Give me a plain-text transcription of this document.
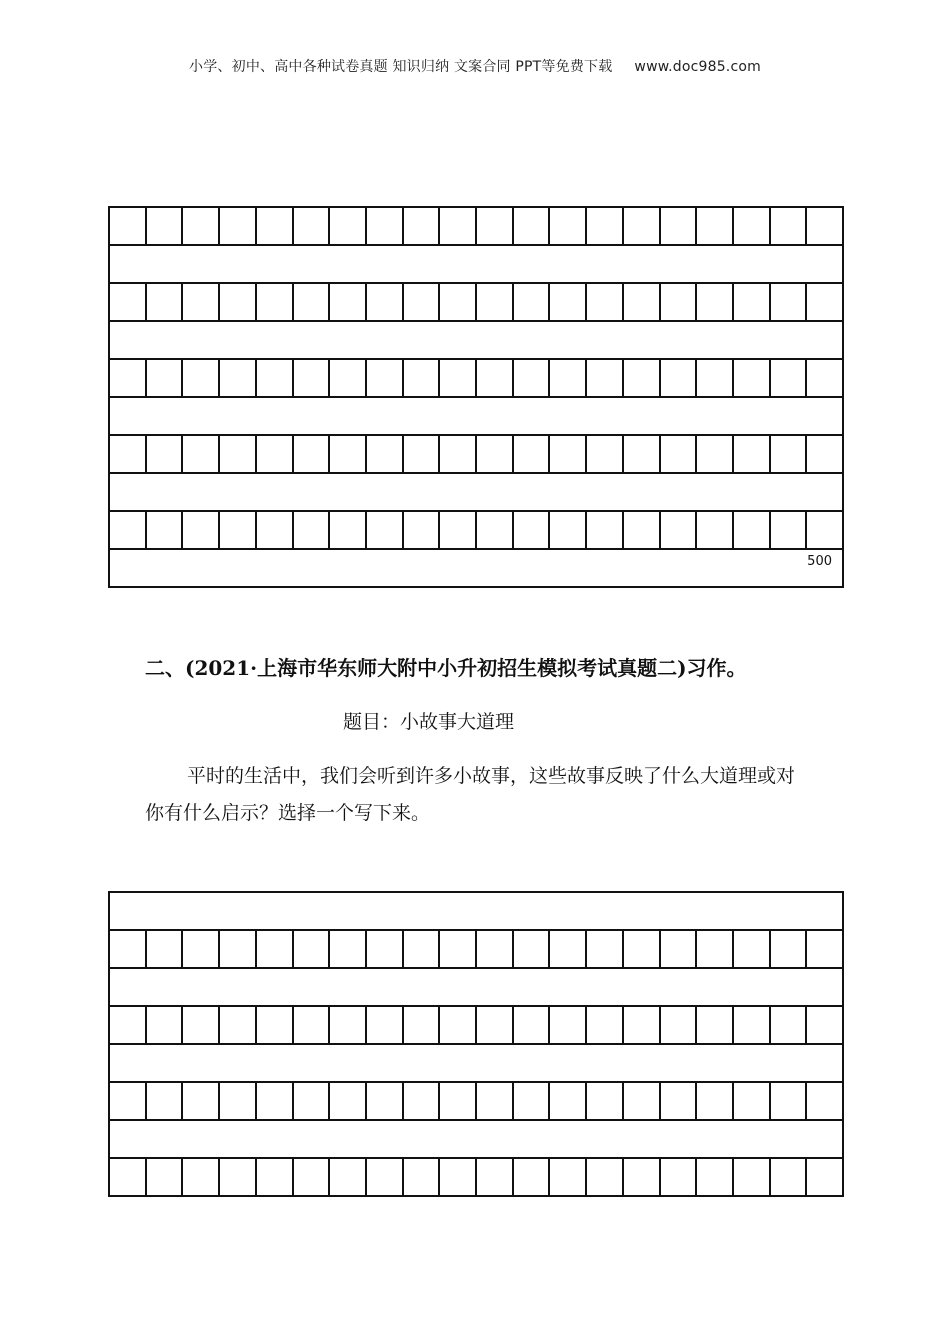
小学、初中、高中各种试卷真题 知识归纳 文案合同 PPT等免费下载 www.doc985.com
500
二、(2021·上海市华东师大附中小升初招生模拟考试真题二)习作。
题目：小故事大道理
平时的生活中，我们会听到许多小故事，这些故事反映了什么大道理或对你有什么启示？选择一个写下来。
